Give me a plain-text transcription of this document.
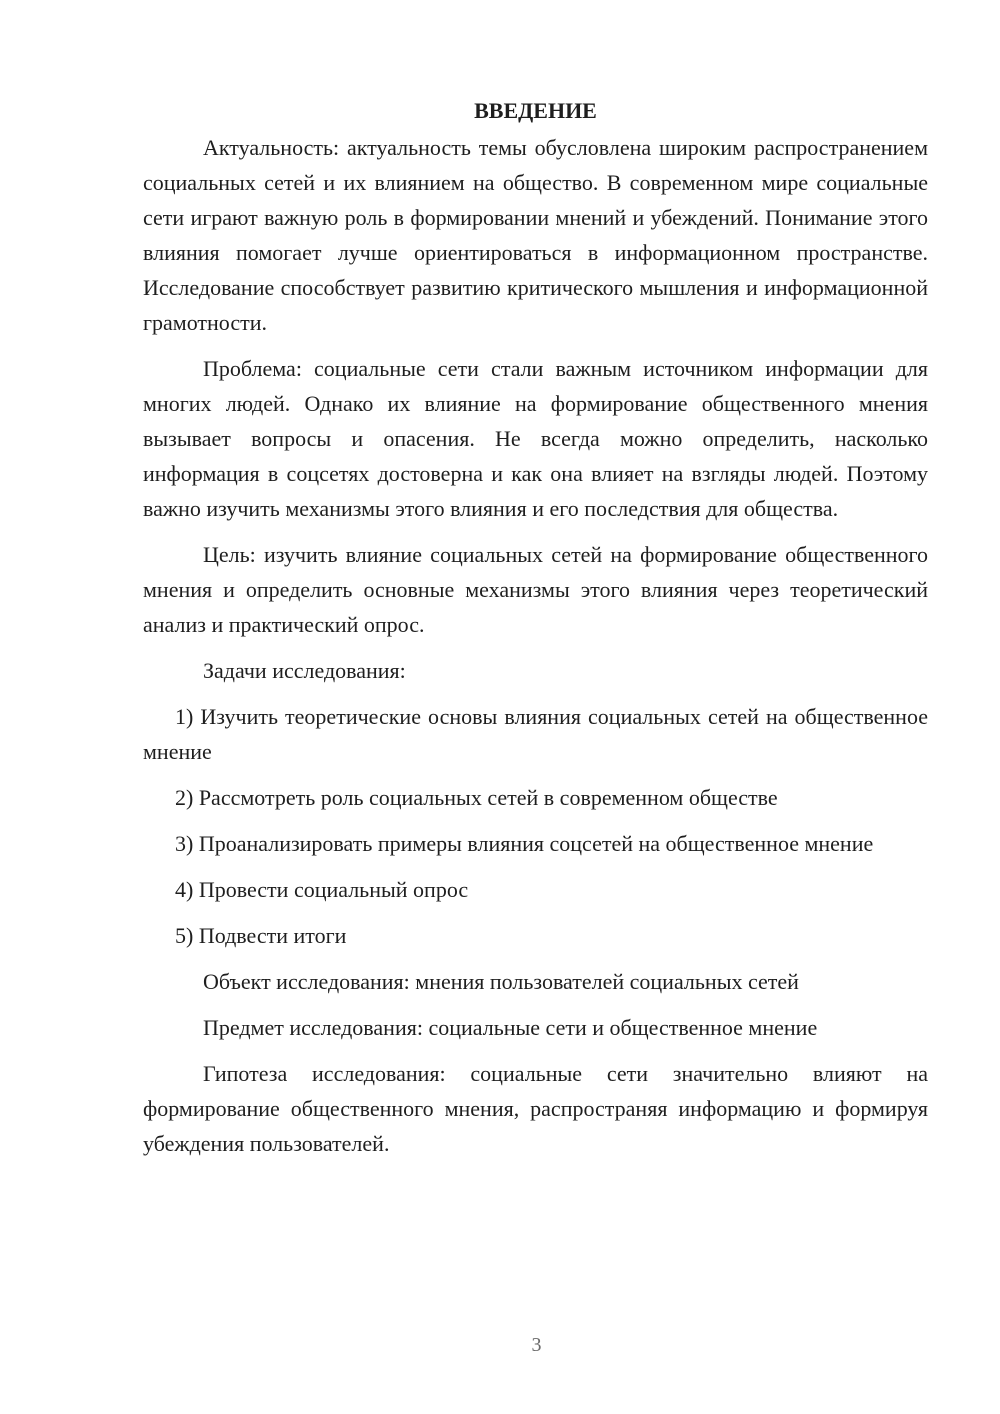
ВВЕДЕНИЕ

Актуальность: актуальность темы обусловлена широким распространением социальных сетей и их влиянием на общество. В современном мире социальные сети играют важную роль в формировании мнений и убеждений. Понимание этого влияния помогает лучше ориентироваться в информационном пространстве. Исследование способствует развитию критического мышления и информационной грамотности.

Проблема: социальные сети стали важным источником информации для многих людей. Однако их влияние на формирование общественного мнения вызывает вопросы и опасения. Не всегда можно определить, насколько информация в соцсетях достоверна и как она влияет на взгляды людей. Поэтому важно изучить механизмы этого влияния и его последствия для общества.

Цель: изучить влияние социальных сетей на формирование общественного мнения и определить основные механизмы этого влияния через теоретический анализ и практический опрос.

Задачи исследования:

1) Изучить теоретические основы влияния социальных сетей на общественное мнение

2) Рассмотреть роль социальных сетей в современном обществе

3) Проанализировать примеры влияния соцсетей на общественное мнение

4) Провести социальный опрос

5) Подвести итоги

Объект исследования: мнения пользователей социальных сетей

Предмет исследования: социальные сети и общественное мнение

Гипотеза исследования: социальные сети значительно влияют на формирование общественного мнения, распространяя информацию и формируя убеждения пользователей.

3
